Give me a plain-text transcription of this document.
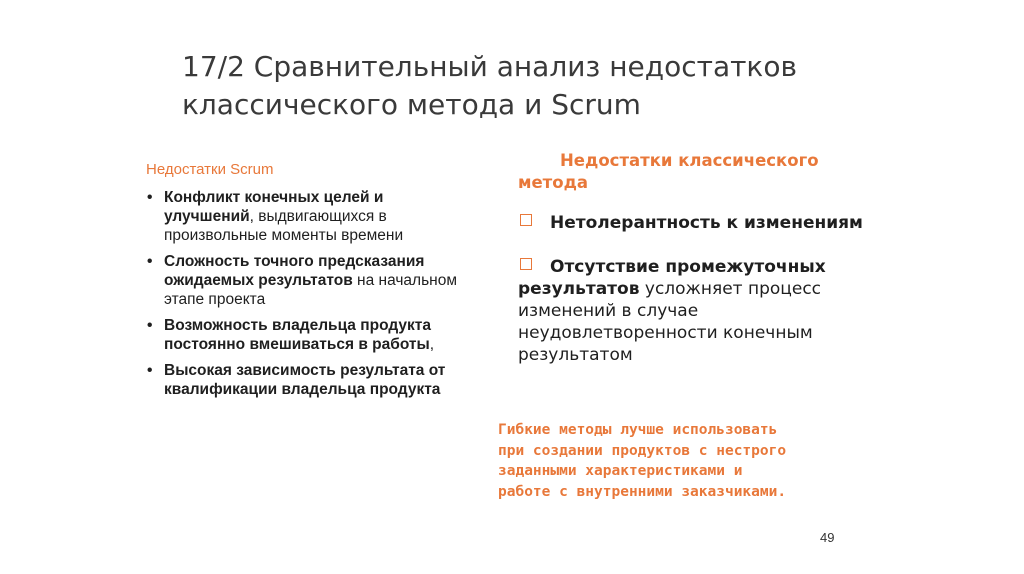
17/2 Сравнительный анализ недостатков
классического метода и Scrum
Недостатки Scrum
• Конфликт конечных целей и улучшений, выдвигающихся в произвольные моменты времени
• Сложность точного предсказания ожидаемых результатов на начальном этапе проекта
• Возможность владельца продукта постоянно вмешиваться в работы,
• Высокая зависимость результата от квалификации владельца продукта
Недостатки классического
метода
Нетолерантность к изменениям
Отсутствие промежуточных результатов усложняет процесс изменений в случае неудовлетворенности конечным результатом
Гибкие методы лучше использовать
при создании продуктов с нестрого
заданными характеристиками и
работе с внутренними заказчиками.
49
